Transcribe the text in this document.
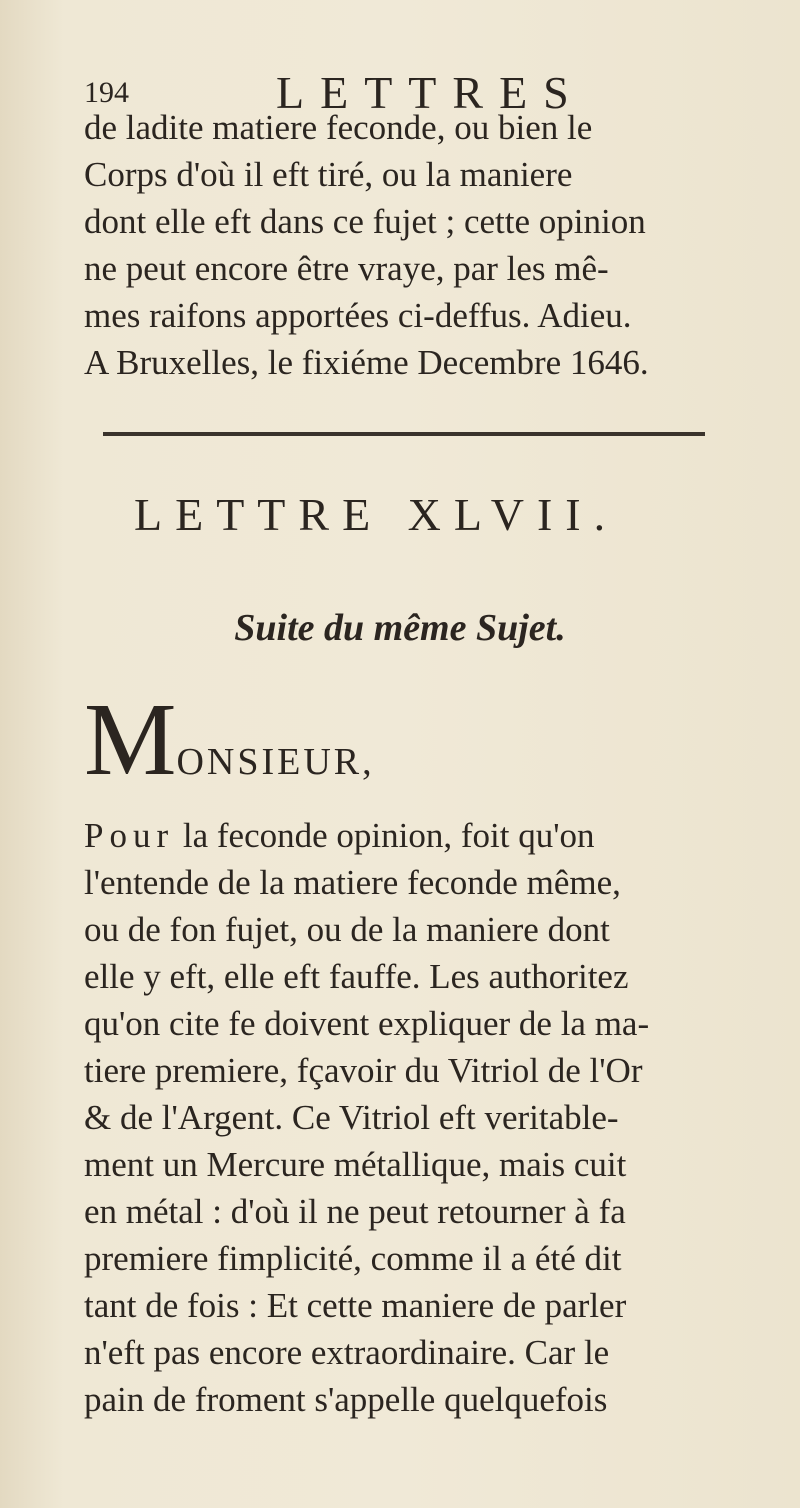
194	LETTRES
de ladite matiere feconde, ou bien le
Corps d'où il eft tiré, ou la maniere
dont elle eft dans ce fujet ; cette opinion
ne peut encore être vraye, par les mê-
mes raifons apportées ci-deffus. Adieu.
A Bruxelles, le fixiéme Decembre 1646.
LETTRE XLVII.
Suite du même Sujet.
MONSIEUR,
Pour la feconde opinion, foit qu'on
l'entende de la matiere feconde même,
ou de fon fujet, ou de la maniere dont
elle y eft, elle eft fauffe. Les authoritez
qu'on cite fe doivent expliquer de la ma-
tiere premiere, fçavoir du Vitriol de l'Or
& de l'Argent. Ce Vitriol eft veritable-
ment un Mercure métallique, mais cuit
en métal : d'où il ne peut retourner à fa
premiere fimplicité, comme il a été dit
tant de fois : Et cette maniere de parler
n'eft pas encore extraordinaire. Car le
pain de froment s'appelle quelquefois
